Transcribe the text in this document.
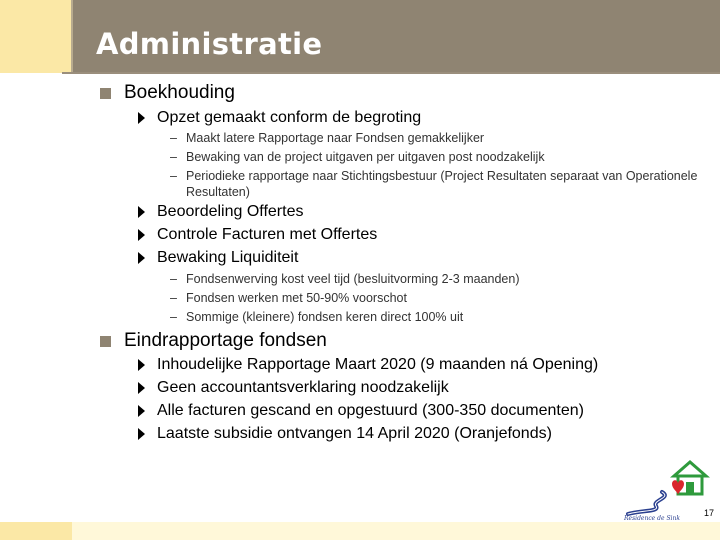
Administratie
Boekhouding
Opzet gemaakt conform de begroting
– Maakt latere Rapportage naar Fondsen gemakkelijker
– Bewaking van de project uitgaven per uitgaven post noodzakelijk
– Periodieke rapportage naar Stichtingsbestuur (Project Resultaten separaat van Operationele Resultaten)
Beoordeling Offertes
Controle Facturen met Offertes
Bewaking Liquiditeit
– Fondsenwerving kost veel tijd (besluitvorming 2-3 maanden)
– Fondsen werken met 50-90% voorschot
– Sommige (kleinere) fondsen keren direct 100% uit
Eindrapportage fondsen
Inhoudelijke Rapportage Maart 2020 (9 maanden ná Opening)
Geen accountantsverklaring noodzakelijk
Alle facturen gescand en opgestuurd (300-350 documenten)
Laatste subsidie ontvangen 14 April 2020 (Oranjefonds)
Residence de Sink
17
